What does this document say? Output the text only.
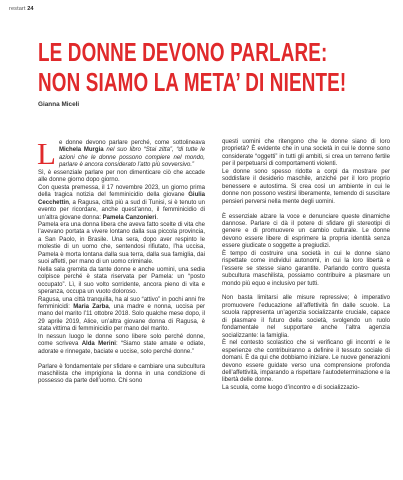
restart 24
LE DONNE DEVONO PARLARE:
NON SIAMO LA META’ DI NIENTE!
Gianna Miceli

Le donne devono parlare perché, come sottolineava Michela Murgia nel suo libro “Stai zitta”, “di tutte le azioni che le donne possono compiere nel mondo, parlare è ancora considerato l’atto più sovversivo.”

Sì, è essenziale parlare per non dimenticare ciò che accade alle donne giorno dopo giorno.

Con questa premessa, il 17 novembre 2023, un giorno prima della tragica notizia del femminicidio della giovane Giulia Cecchettin, a Ragusa, città più a sud di Tunisi, si è tenuto un evento per ricordare, anche quest’anno, il femminicidio di un’altra giovane donna: Pamela Canzonieri.

Pamela era una donna libera che aveva fatto scelte di vita che l’avevano portata a vivere lontano dalla sua piccola provincia, a San Paolo, in Brasile. Una sera, dopo aver respinto le molestie di un uomo che, sentendosi rifiutato, l’ha uccisa, Pamela è morta lontana dalla sua terra, dalla sua famiglia, dai suoi affetti, per mano di un uomo criminale.

Nella sala gremita da tante donne e anche uomini, una sedia colpisce perché è stata riservata per Pamela: un “posto occupato”. Lì, il suo volto sorridente, ancora pieno di vita e speranza, occupa un vuoto doloroso.

Ragusa, una città tranquilla, ha al suo “attivo” in pochi anni fre femminicidi: Maria Zarba, una madre e nonna, uccisa per mano del marito l’11 ottobre 2018. Solo qualche mese dopo, il 29 aprile 2019, Alice, un’altra giovane donna di Ragusa, è stata vittima di femminicidio per mano del marito.

In nessun luogo le donne sono libere solo perché donne, come scriveva Alda Merini: “Siamo state amate e odiate, adorate e rinnegate, baciate e uccise, solo perché donne.”

Parlare è fondamentale per sfidare e cambiare una subcultura maschilista che imprigiona la donna in una condizione di possesso da parte dell’uomo. Chi sono

questi uomini che ritengono che le donne siano di loro proprietà? È evidente che in una società in cui le donne sono considerate “oggetti” in tutti gli ambiti, si crea un terreno fertile per il perpetuarsi di comportamenti violenti.

Le donne sono spesso ridotte a corpi da mostrare per soddisfare il desiderio maschile, anziché per il loro proprio benessere e autostima. Si crea così un ambiente in cui le donne non possono vestirsi liberamente, temendo di suscitare pensieri perversi nella mente degli uomini.

È essenziale alzare la voce e denunciare queste dinamiche dannose. Parlare ci dà il potere di sfidare gli stereotipi di genere e di promuovere un cambio culturale. Le donne devono essere libere di esprimere la propria identità senza essere giudicate o soggette a pregiudizi.

È tempo di costruire una società in cui le donne siano rispettate come individui autonomi, in cui la loro libertà e l’essere se stesse siano garantite. Parlando contro questa subcultura maschilista, possiamo contribuire a plasmare un mondo più equo e inclusivo per tutti.

Non basta limitarsi alle misure repressive; è imperativo promuovere l’educazione all’affettività fin dalle scuole. La scuola rappresenta un’agenzia socializzante cruciale, capace di plasmare il futuro della società, svolgendo un ruolo fondamentale nel supportare anche l’altra agenzia socializzante: la famiglia.

È nel contesto scolastico che si verificano gli incontri e le esperienze che contribuiranno a definire il tessuto sociale di domani. È da qui che dobbiamo iniziare. Le nuove generazioni devono essere guidate verso una comprensione profonda dell’affettività, imparando a rispettare l’autodeterminazione e la libertà delle donne.

La scuola, come luogo d’incontro e di socializzazio-
